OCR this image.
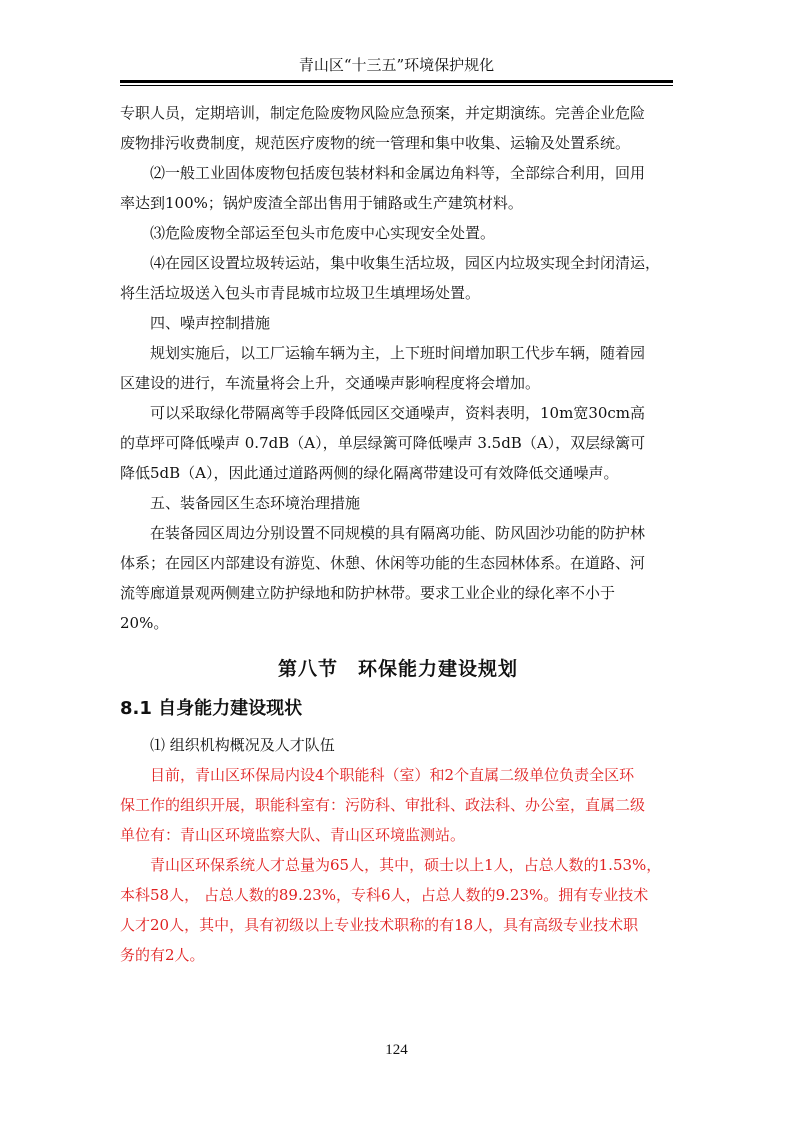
青山区“十三五”环境保护规化

专职人员，定期培训，制定危险废物风险应急预案，并定期演练。完善企业危险
废物排污收费制度，规范医疗废物的统一管理和集中收集、运输及处置系统。

⑵一般工业固体废物包括废包装材料和金属边角料等，全部综合利用，回用
率达到100%；锅炉废渣全部出售用于铺路或生产建筑材料。

⑶危险废物全部运至包头市危废中心实现安全处置。

⑷在园区设置垃圾转运站，集中收集生活垃圾，园区内垃圾实现全封闭清运，
将生活垃圾送入包头市青昆城市垃圾卫生填埋场处置。

四、噪声控制措施

规划实施后，以工厂运输车辆为主，上下班时间增加职工代步车辆，随着园
区建设的进行，车流量将会上升，交通噪声影响程度将会增加。

可以采取绿化带隔离等手段降低园区交通噪声，资料表明，10m宽30cm高
的草坪可降低噪声 0.7dB（A），单层绿篱可降低噪声 3.5dB（A），双层绿篱可
降低5dB（A），因此通过道路两侧的绿化隔离带建设可有效降低交通噪声。

五、装备园区生态环境治理措施

在装备园区周边分别设置不同规模的具有隔离功能、防风固沙功能的防护林
体系；在园区内部建设有游览、休憩、休闲等功能的生态园林体系。在道路、河
流等廊道景观两侧建立防护绿地和防护林带。要求工业企业的绿化率不小于
20%。

第八节　环保能力建设规划
8.1 自身能力建设现状

⑴ 组织机构概况及人才队伍

目前，青山区环保局内设4个职能科（室）和2个直属二级单位负责全区环
保工作的组织开展，职能科室有：污防科、审批科、政法科、办公室，直属二级
单位有：青山区环境监察大队、青山区环境监测站。

青山区环保系统人才总量为65人，其中，硕士以上1人，占总人数的1.53%，
本科58人， 占总人数的89.23%，专科6人，占总人数的9.23%。拥有专业技术
人才20人，其中，具有初级以上专业技术职称的有18人，具有高级专业技术职
务的有2人。

124
